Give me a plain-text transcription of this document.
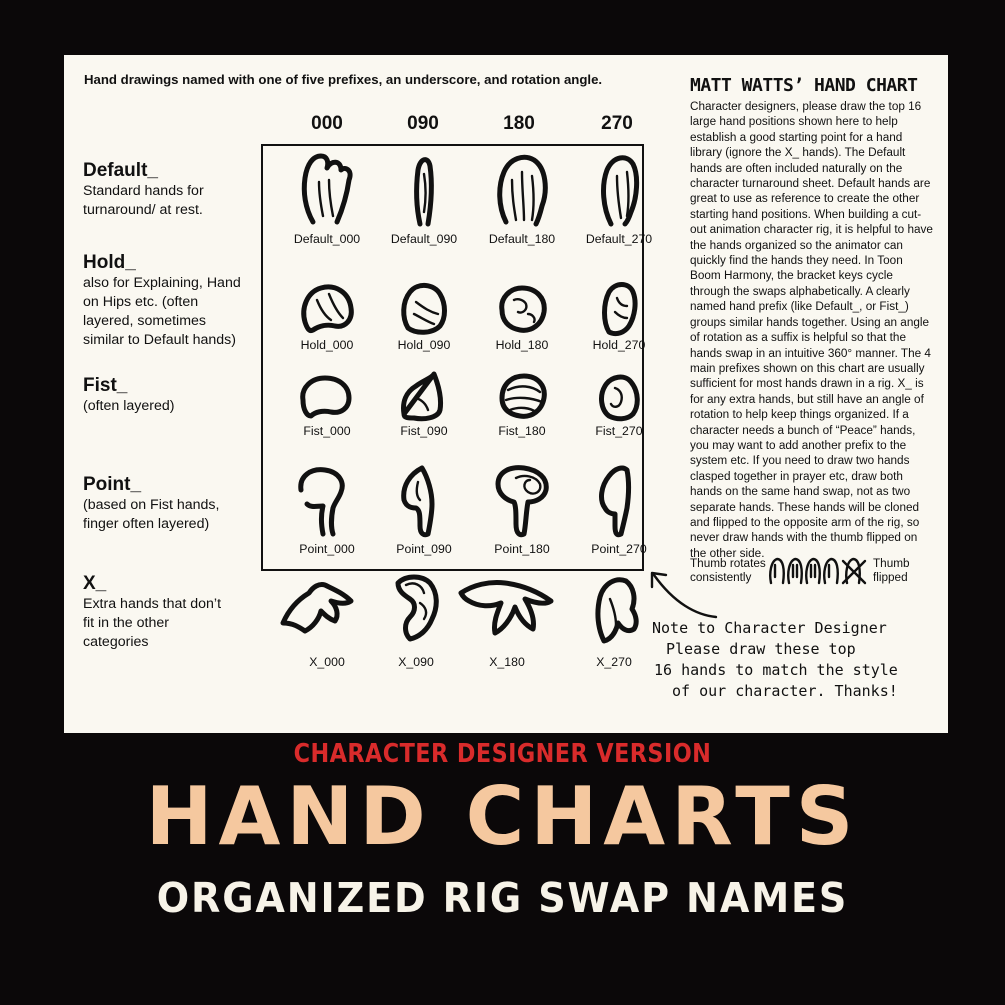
Hand drawings named with one of five prefixes, an underscore, and rotation angle.
000	090	180	270
Default_
Standard hands for
turnaround/ at rest.
Hold_
also for Explaining, Hand
on Hips etc. (often
layered, sometimes
similar to Default hands)
Fist_
(often layered)
Point_
(based on Fist hands,
finger often layered)
X_
Extra hands that don’t
fit in the other
categories
Default_000	Default_090	Default_180	Default_270
Hold_000	Hold_090	Hold_180	Hold_270
Fist_000	Fist_090	Fist_180	Fist_270
Point_000	Point_090	Point_180	Point_270
X_000	X_090	X_180	X_270
MATT WATTS’ HAND CHART
Character designers, please draw the top 16 large hand positions shown here to help establish a good starting point for a hand library (ignore the X_ hands). The Default hands are often included naturally on the character turnaround sheet. Default hands are great to use as reference to create the other starting hand positions. When building a cut-out animation character rig, it is helpful to have the hands organized so the animator can quickly find the hands they need. In Toon Boom Harmony, the bracket keys cycle through the swaps alphabetically. A clearly named hand prefix (like Default_, or Fist_) groups similar hands together. Using an angle of rotation as a suffix is helpful so that the hands swap in an intuitive 360° manner. The 4 main prefixes shown on this chart are usually sufficient for most hands drawn in a rig. X_ is for any extra hands, but still have an angle of rotation to help keep things organized. If a character needs a bunch of “Peace” hands, you may want to add another prefix to the system etc. If you need to draw two hands clasped together in prayer etc, draw both hands on the same hand swap, not as two separate hands. These hands will be cloned and flipped to the opposite arm of the rig, so never draw hands with the thumb flipped on the other side.
Thumb rotates
consistently
Thumb
flipped
Note to Character Designer
Please draw these top
16 hands to match the style
of our character. Thanks!
CHARACTER DESIGNER VERSION
HAND CHARTS
ORGANIZED RIG SWAP NAMES
